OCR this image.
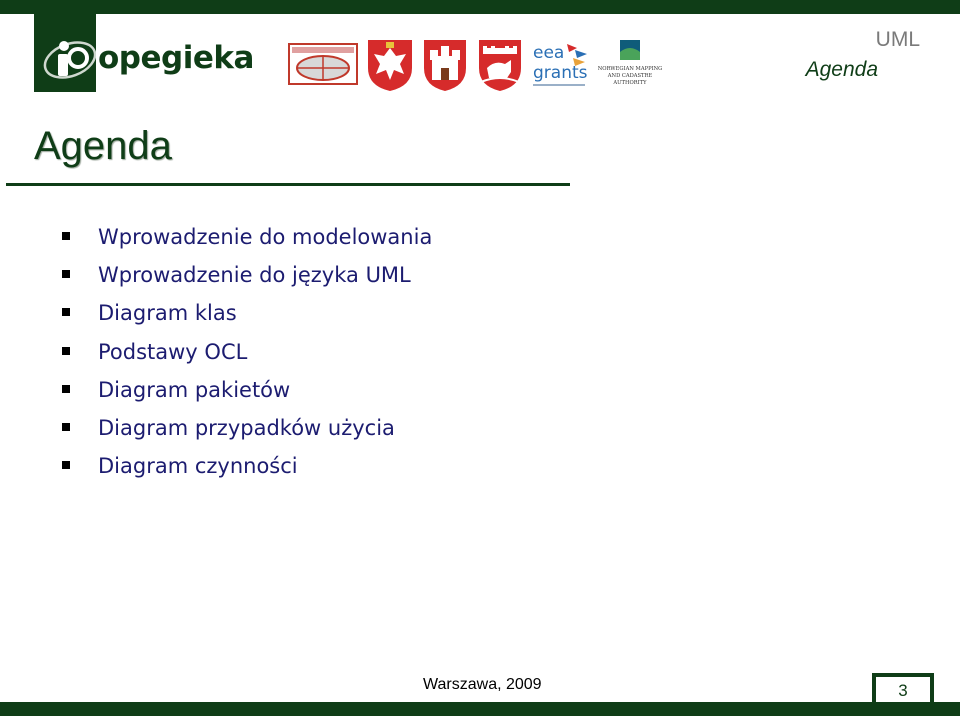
opegieka	eea
grants NORWEGIAN MAPPING
AND CADASTRE
AUTHORITY
UML
Agenda
Agenda
Wprowadzenie do modelowania
Wprowadzenie do języka UML
Diagram klas
Podstawy OCL
Diagram pakietów
Diagram przypadków użycia
Diagram czynności
Warszawa, 2009	3
